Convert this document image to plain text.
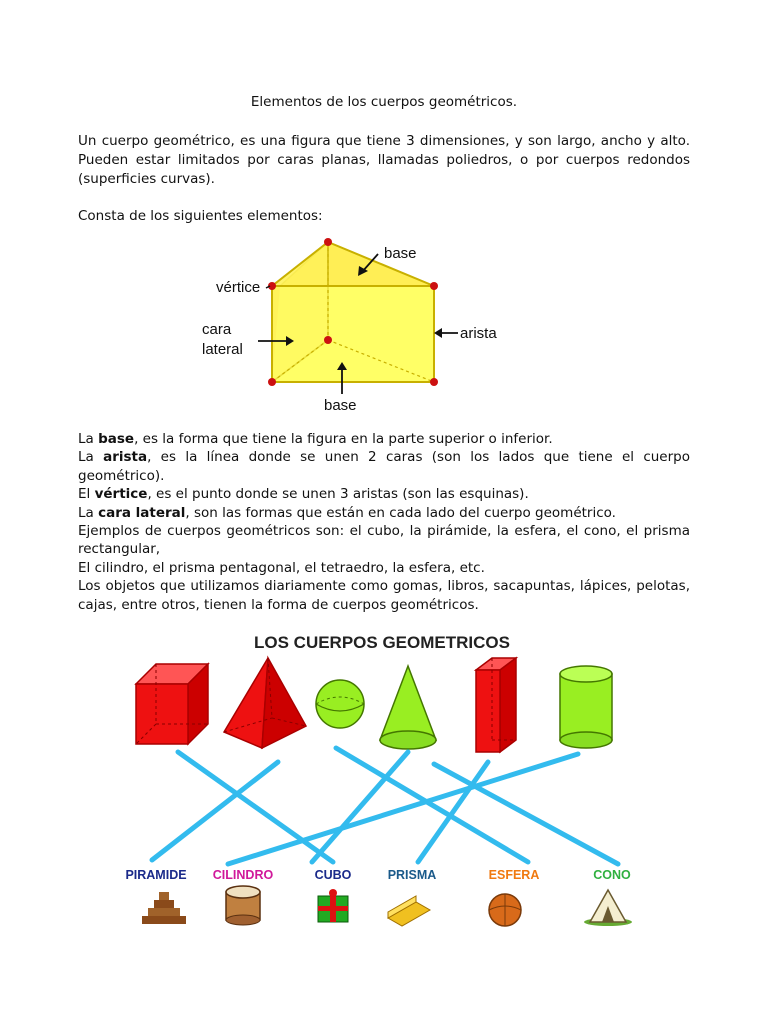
Elementos de los cuerpos geométricos.

Un cuerpo geométrico, es una figura que tiene 3 dimensiones, y son largo, ancho y alto. Pueden estar limitados por caras planas, llamadas poliedros, o por cuerpos redondos (superficies curvas).

Consta de los siguientes elementos:

base
vértice
cara
lateral
arista
base
La base, es la forma que tiene la figura en la parte superior o inferior.
La arista, es la línea donde se unen 2 caras (son los lados que tiene el cuerpo geométrico).
El vértice, es el punto donde se unen 3 aristas (son las esquinas).
La cara lateral, son las formas que están en cada lado del cuerpo geométrico.
Ejemplos de cuerpos geométricos son: el cubo, la pirámide, la esfera, el cono, el prisma rectangular,
El cilindro, el prisma pentagonal, el tetraedro, la esfera, etc.
Los objetos que utilizamos diariamente como gomas, libros, sacapuntas, lápices, pelotas, cajas, entre otros, tienen la forma de cuerpos geométricos.
LOS CUERPOS GEOMETRICOS
PIRAMIDE CILINDRO	CUBO	PRISMA	ESFERA	CONO
